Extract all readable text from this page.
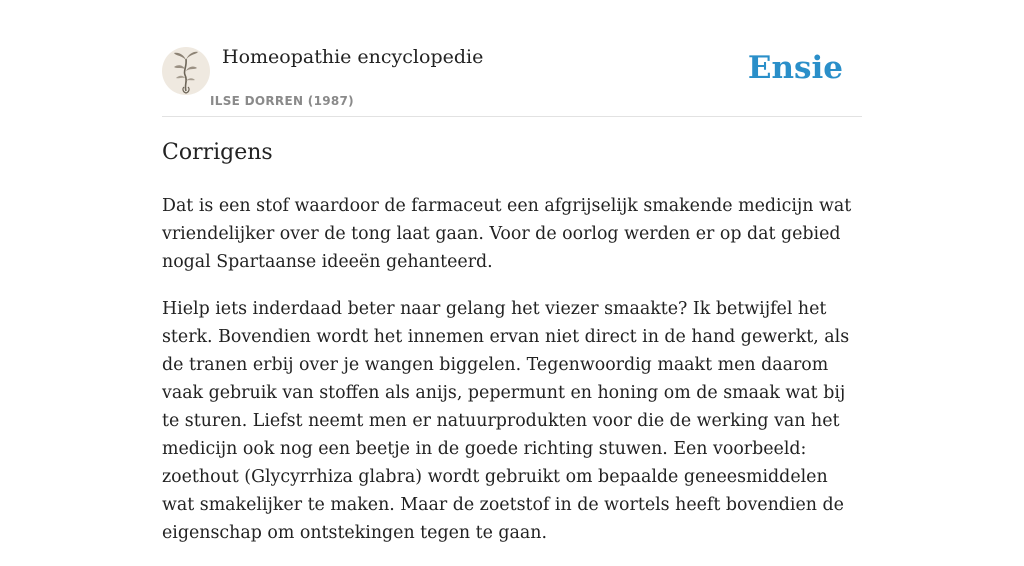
Homeopathie encyclopedie
ILSE DORREN (1987)
Ensie
Corrigens

Dat is een stof waardoor de farmaceut een afgrijselijk smakende medicijn wat vriendelijker over de tong laat gaan. Voor de oorlog werden er op dat gebied nogal Spartaanse ideeën gehanteerd.

Hielp iets inderdaad beter naar gelang het viezer smaakte? Ik betwijfel het sterk. Bovendien wordt het innemen ervan niet direct in de hand gewerkt, als de tranen erbij over je wangen biggelen. Tegenwoordig maakt men daarom vaak gebruik van stoffen als anijs, pepermunt en honing om de smaak wat bij te sturen. Liefst neemt men er natuurprodukten voor die de werking van het medicijn ook nog een beetje in de goede richting stuwen. Een voorbeeld: zoethout (Glycyrrhiza glabra) wordt gebruikt om bepaalde geneesmiddelen wat smakelijker te maken. Maar de zoetstof in de wortels heeft bovendien de eigenschap om ontstekingen tegen te gaan.
